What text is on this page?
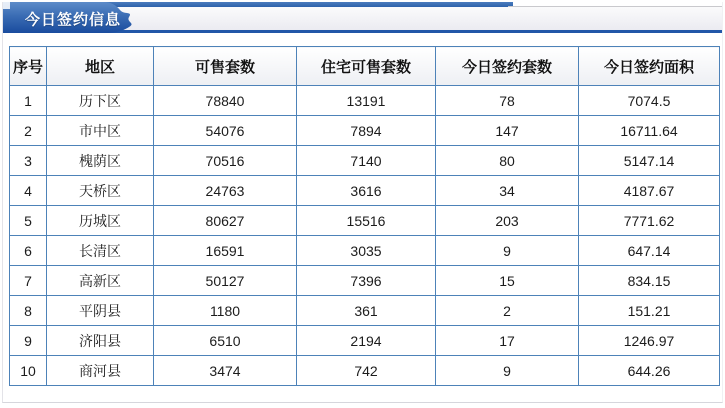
今日签约信息
序号	地区	可售套数	住宅可售套数	今日签约套数	今日签约面积
1	历下区	78840	13191	78	7074.5
2	市中区	54076	7894	147	16711.64
3	槐荫区	70516	7140	80	5147.14
4	天桥区	24763	3616	34	4187.67
5	历城区	80627	15516	203	7771.62
6	长清区	16591	3035	9	647.14
7	高新区	50127	7396	15	834.15
8	平阴县	1180	361	2	151.21
9	济阳县	6510	2194	17	1246.97
10	商河县	3474	742	9	644.26
